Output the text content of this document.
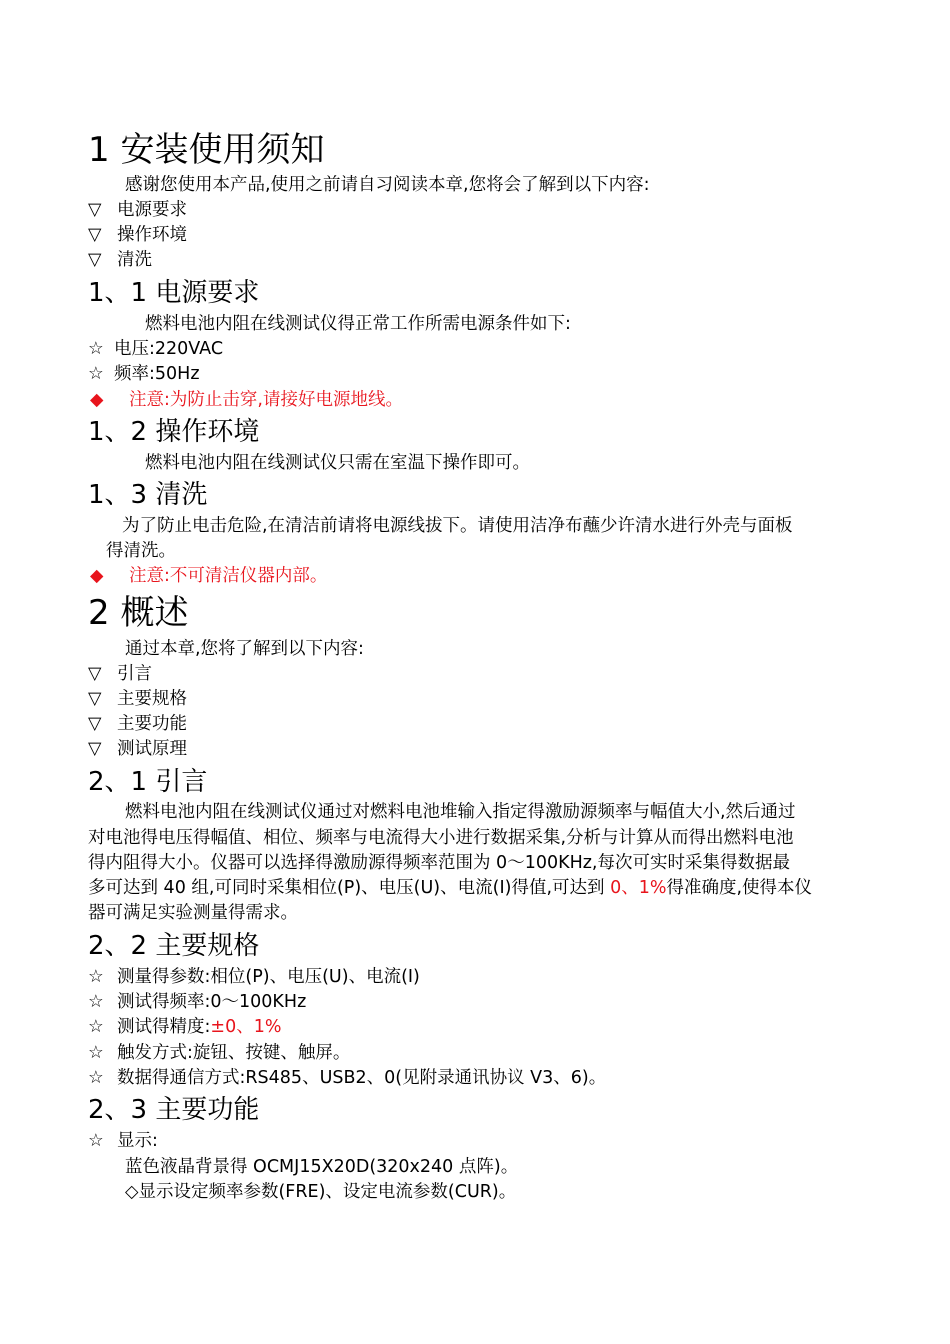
1 安装使用须知
感谢您使用本产品,使用之前请自习阅读本章,您将会了解到以下内容:
▽ 电源要求
▽ 操作环境
▽ 清洗
1、1 电源要求
燃料电池内阻在线测试仪得正常工作所需电源条件如下:
☆ 电压:220VAC
☆ 频率:50Hz
◆	注意:为防止击穿,请接好电源地线。
1、2 操作环境
燃料电池内阻在线测试仪只需在室温下操作即可。
1、3 清洗
为了防止电击危险,在清洁前请将电源线拔下。请使用洁净布蘸少许清水进行外壳与面板
得清洗。
◆	注意:不可清洁仪器内部。
2 概述
通过本章,您将了解到以下内容:
▽ 引言
▽ 主要规格
▽ 主要功能
▽ 测试原理
2、1 引言
燃料电池内阻在线测试仪通过对燃料电池堆输入指定得激励源频率与幅值大小,然后通过
对电池得电压得幅值、相位、频率与电流得大小进行数据采集,分析与计算从而得出燃料电池
得内阻得大小。仪器可以选择得激励源得频率范围为 0～100KHz,每次可实时采集得数据最
多可达到 40 组,可同时采集相位(P)、电压(U)、电流(I)得值,可达到 0、1%得准确度,使得本仪
器可满足实验测量得需求。
2、2 主要规格
☆ 测量得参数:相位(P)、电压(U)、电流(I)
☆ 测试得频率:0～100KHz
☆ 测试得精度:±0、1%
☆ 触发方式:旋钮、按键、触屏。
☆ 数据得通信方式:RS485、USB2、0(见附录通讯协议 V3、6)。
2、3 主要功能
☆ 显示:
蓝色液晶背景得 OCMJ15X20D(320x240 点阵)。
◇显示设定频率参数(FRE)、设定电流参数(CUR)。
